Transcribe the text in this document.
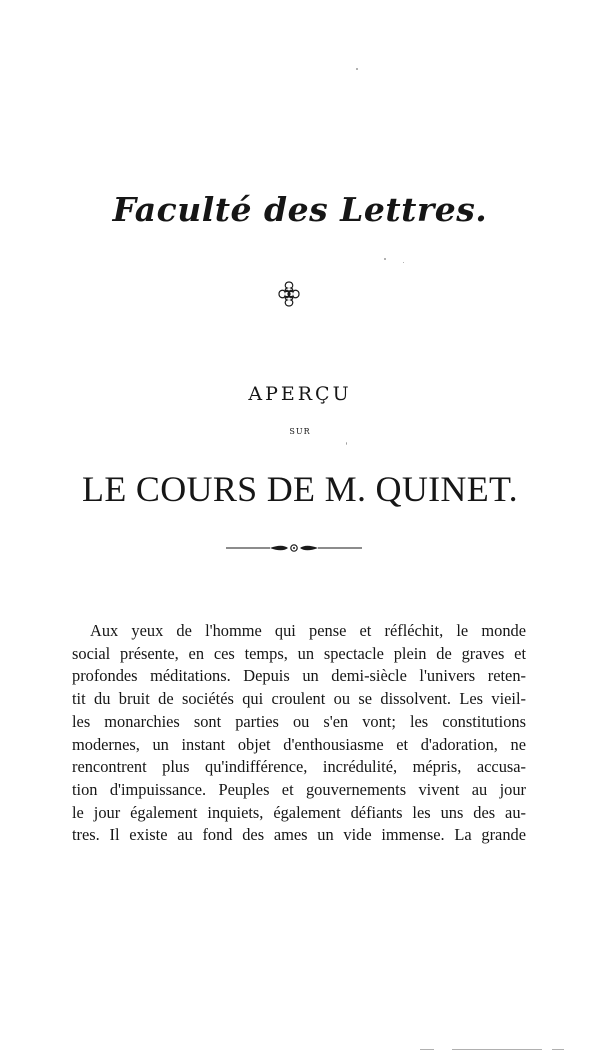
Faculté des Lettres.
APERÇU
SUR
LE COURS DE M. QUINET.

Aux yeux de l'homme qui pense et réfléchit, le monde
social présente, en ces temps, un spectacle plein de graves et
profondes méditations. Depuis un demi-siècle l'univers reten-
tit du bruit de sociétés qui croulent ou se dissolvent. Les vieil-
les monarchies sont parties ou s'en vont; les constitutions
modernes, un instant objet d'enthousiasme et d'adoration, ne
rencontrent plus qu'indifférence, incrédulité, mépris, accusa-
tion d'impuissance. Peuples et gouvernements vivent au jour
le jour également inquiets, également défiants les uns des au-
tres. Il existe au fond des ames un vide immense. La grande
